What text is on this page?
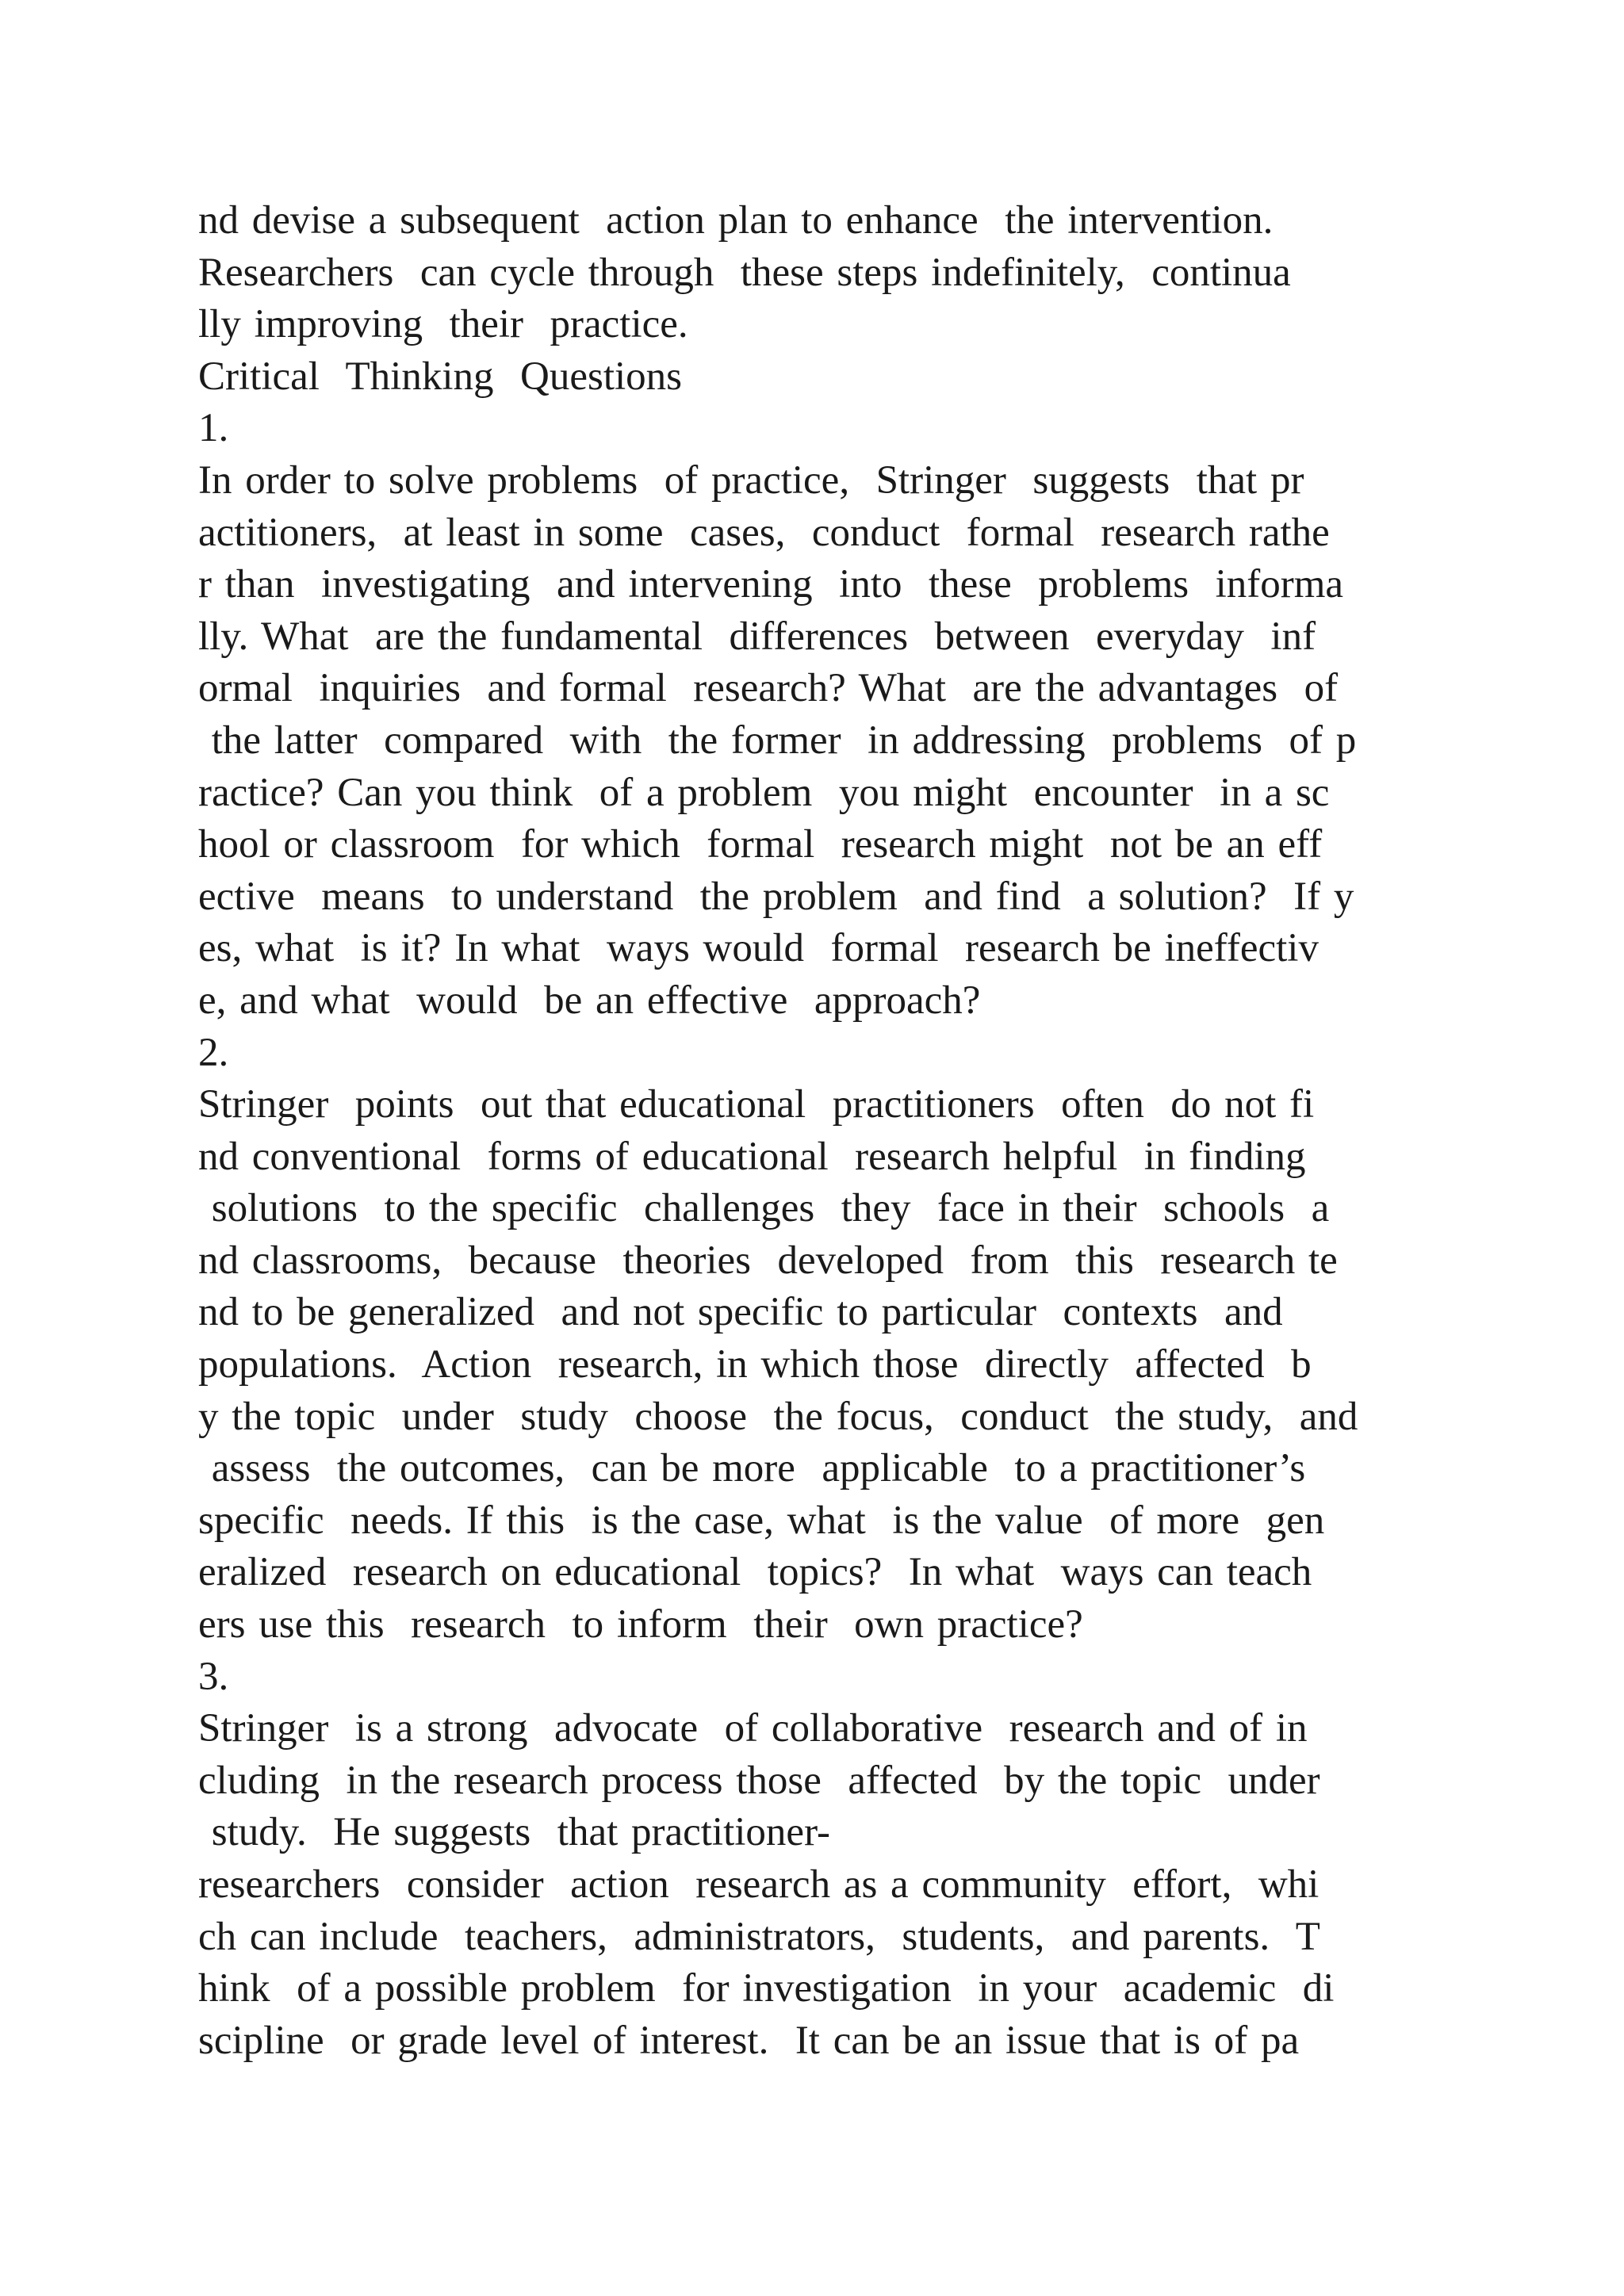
nd devise a subsequent  action plan to enhance  the intervention.
Researchers  can cycle through  these steps indefinitely,  continua
lly improving  their  practice.
Critical  Thinking  Questions
1.
In order to solve problems  of practice,  Stringer  suggests  that pr
actitioners,  at least in some  cases,  conduct  formal  research rathe
r than  investigating  and intervening  into  these  problems  informa
lly. What  are the fundamental  differences  between  everyday  inf
ormal  inquiries  and formal  research? What  are the advantages  of
the latter  compared  with  the former  in addressing  problems  of p
ractice? Can you think  of a problem  you might  encounter  in a sc
hool or classroom  for which  formal  research might  not be an eff
ective  means  to understand  the problem  and find  a solution?  If y
es, what  is it? In what  ways would  formal  research be ineffectiv
e, and what  would  be an effective  approach?
2.
Stringer  points  out that educational  practitioners  often  do not fi
nd conventional  forms of educational  research helpful  in finding
solutions  to the specific  challenges  they  face in their  schools  a
nd classrooms,  because  theories  developed  from  this  research te
nd to be generalized  and not specific to particular  contexts  and
populations.  Action  research, in which those  directly  affected  b
y the topic  under  study  choose  the focus,  conduct  the study,  and
assess  the outcomes,  can be more  applicable  to a practitioner’s
specific  needs. If this  is the case, what  is the value  of more  gen
eralized  research on educational  topics?  In what  ways can teach
ers use this  research  to inform  their  own practice?
3.
Stringer  is a strong  advocate  of collaborative  research and of in
cluding  in the research process those  affected  by the topic  under
study.  He suggests  that practitioner-
researchers  consider  action  research as a community  effort,  whi
ch can include  teachers,  administrators,  students,  and parents.  T
hink  of a possible problem  for investigation  in your  academic  di
scipline  or grade level of interest.  It can be an issue that is of pa
